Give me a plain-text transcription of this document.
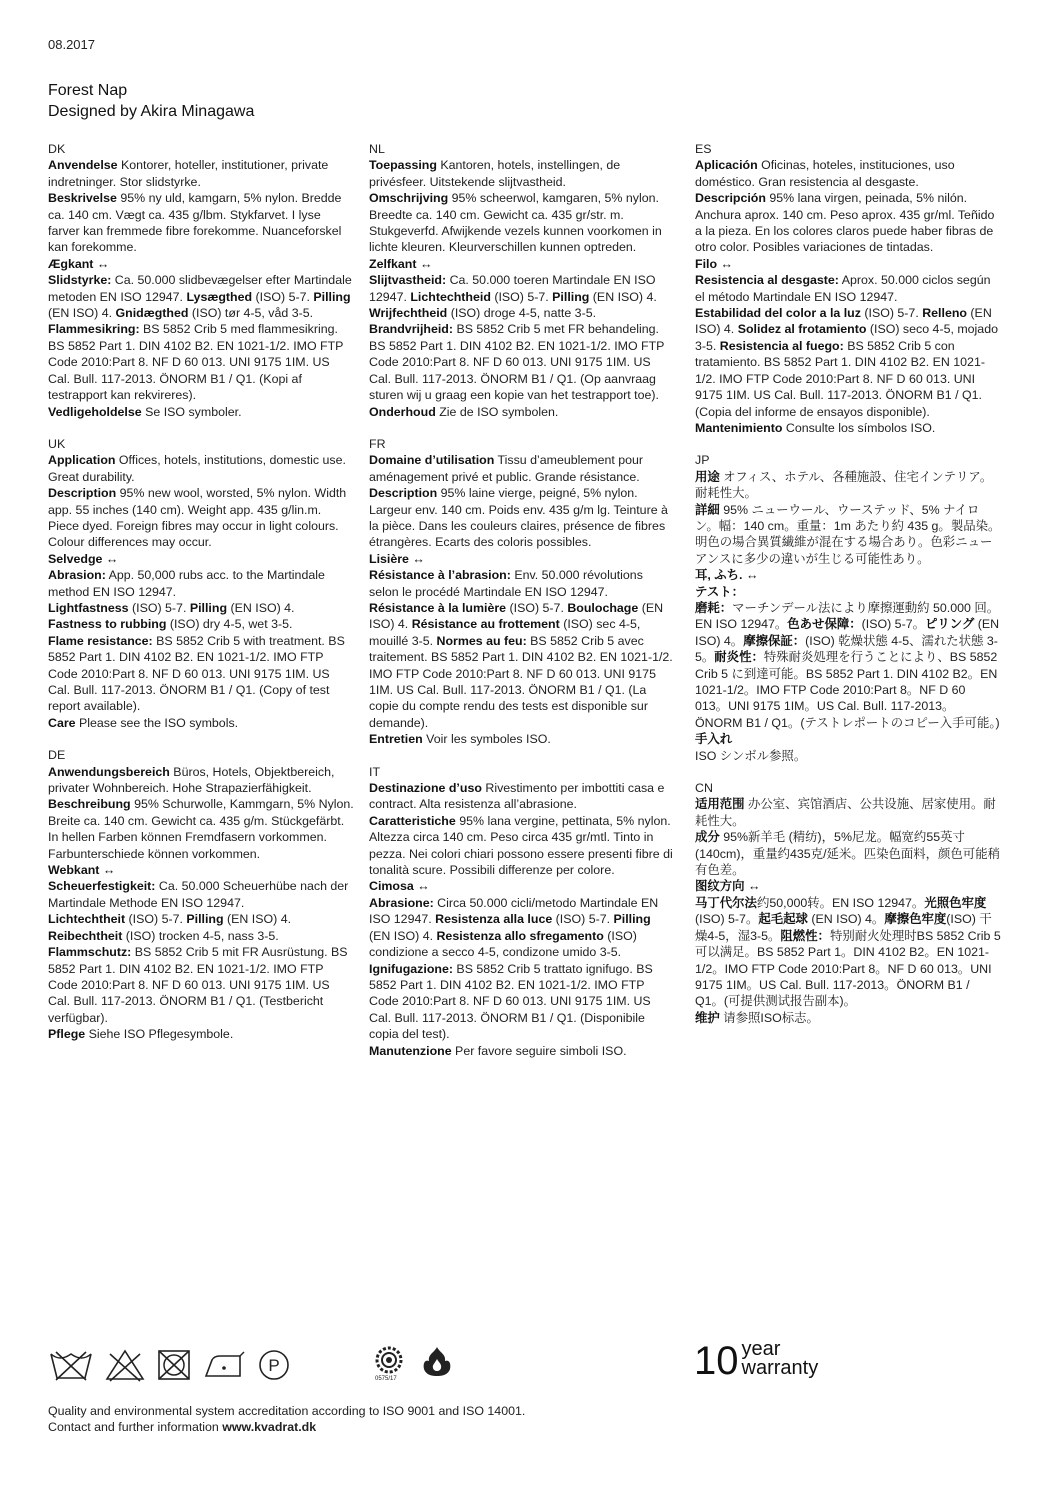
08.2017
Forest Nap
Designed by Akira Minagawa
DK
Anvendelse Kontorer, hoteller, institutioner, private indretninger. Stor slidstyrke.
Beskrivelse 95% ny uld, kamgarn, 5% nylon. Bredde ca. 140 cm. Vægt ca. 435 g/lbm. Stykfarvet. I lyse farver kan fremmede fibre forekomme. Nuanceforskel kan forekomme.
Ægkant ↔
Slidstyrke: Ca. 50.000 slidbevægelser efter Martindale metoden EN ISO 12947. Lysægthed (ISO) 5-7. Pilling (EN ISO) 4. Gnidægthed (ISO) tør 4-5, våd 3-5. Flammesikring: BS 5852 Crib 5 med flammesikring. BS 5852 Part 1. DIN 4102 B2. EN 1021-1/2. IMO FTP Code 2010:Part 8. NF D 60 013. UNI 9175 1IM. US Cal. Bull. 117-2013. ÖNORM B1 / Q1. (Kopi af testrapport kan rekvireres).
Vedligeholdelse Se ISO symboler.
UK
Application Offices, hotels, institutions, domestic use. Great durability.
Description 95% new wool, worsted, 5% nylon. Width app. 55 inches (140 cm). Weight app. 435 g/lin.m. Piece dyed. Foreign fibres may occur in light colours. Colour differences may occur.
Selvedge ↔
Abrasion: App. 50,000 rubs acc. to the Martindale method EN ISO 12947.
Lightfastness (ISO) 5-7. Pilling (EN ISO) 4.
Fastness to rubbing (ISO) dry 4-5, wet 3-5.
Flame resistance: BS 5852 Crib 5 with treatment. BS 5852 Part 1. DIN 4102 B2. EN 1021-1/2. IMO FTP Code 2010:Part 8. NF D 60 013. UNI 9175 1IM. US Cal. Bull. 117-2013. ÖNORM B1 / Q1. (Copy of test report available).
Care Please see the ISO symbols.
DE
Anwendungsbereich Büros, Hotels, Objektbereich, privater Wohnbereich. Hohe Strapazierfähigkeit.
Beschreibung 95% Schurwolle, Kammgarn, 5% Nylon. Breite ca. 140 cm. Gewicht ca. 435 g/m. Stückgefärbt. In hellen Farben können Fremdfasern vorkommen. Farbunterschiede können vorkommen.
Webkant ↔
Scheuerfestigkeit: Ca. 50.000 Scheuerhübe nach der Martindale Methode EN ISO 12947.
Lichtechtheit (ISO) 5-7. Pilling (EN ISO) 4.
Reibechtheit (ISO) trocken 4-5, nass 3-5.
Flammschutz: BS 5852 Crib 5 mit FR Ausrüstung. BS 5852 Part 1. DIN 4102 B2. EN 1021-1/2. IMO FTP Code 2010:Part 8. NF D 60 013. UNI 9175 1IM. US Cal. Bull. 117-2013. ÖNORM B1 / Q1. (Testbericht verfügbar).
Pflege Siehe ISO Pflegesymbole.
NL
Toepassing Kantoren, hotels, instellingen, de privésfeer. Uitstekende slijtvastheid.
Omschrijving 95% scheerwol, kamgaren, 5% nylon. Breedte ca. 140 cm. Gewicht ca. 435 gr/str. m. Stukgeverfd. Afwijkende vezels kunnen voorkomen in lichte kleuren. Kleurverschillen kunnen optreden.
Zelfkant ↔
Slijtvastheid: Ca. 50.000 toeren Martindale EN ISO 12947. Lichtechtheid (ISO) 5-7. Pilling (EN ISO) 4. Wrijfechtheid (ISO) droge 4-5, natte 3-5. Brandvrijheid: BS 5852 Crib 5 met FR behandeling. BS 5852 Part 1. DIN 4102 B2. EN 1021-1/2. IMO FTP Code 2010:Part 8. NF D 60 013. UNI 9175 1IM. US Cal. Bull. 117-2013. ÖNORM B1 / Q1. (Op aanvraag sturen wij u graag een kopie van het testrapport toe).
Onderhoud Zie de ISO symbolen.
FR
Domaine d’utilisation Tissu d’ameublement pour aménagement privé et public. Grande résistance.
Description 95% laine vierge, peigné, 5% nylon. Largeur env. 140 cm. Poids env. 435 g/m lg. Teinture à la pièce. Dans les couleurs claires, présence de fibres étrangères. Ecarts des coloris possibles.
Lisière ↔
Résistance à l’abrasion: Env. 50.000 révolutions selon le procédé Martindale EN ISO 12947. Résistance à la lumière (ISO) 5-7. Boulochage (EN ISO) 4. Résistance au frottement (ISO) sec 4-5, mouillé 3-5. Normes au feu: BS 5852 Crib 5 avec traitement. BS 5852 Part 1. DIN 4102 B2. EN 1021-1/2. IMO FTP Code 2010:Part 8. NF D 60 013. UNI 9175 1IM. US Cal. Bull. 117-2013. ÖNORM B1 / Q1. (La copie du compte rendu des tests est disponible sur demande).
Entretien Voir les symboles ISO.
IT
Destinazione d’uso Rivestimento per imbottiti casa e contract. Alta resistenza all’abrasione.
Caratteristiche 95% lana vergine, pettinata, 5% nylon. Altezza circa 140 cm. Peso circa 435 gr/mtl. Tinto in pezza. Nei colori chiari possono essere presenti fibre di tonalità scure. Possibili differenze per colore.
Cimosa ↔
Abrasione: Circa 50.000 cicli/metodo Martindale EN ISO 12947. Resistenza alla luce (ISO) 5-7. Pilling (EN ISO) 4. Resistenza allo sfregamento (ISO) condizione a secco 4-5, condizone umido 3-5. Ignifugazione: BS 5852 Crib 5 trattato ignifugo. BS 5852 Part 1. DIN 4102 B2. EN 1021-1/2. IMO FTP Code 2010:Part 8. NF D 60 013. UNI 9175 1IM. US Cal. Bull. 117-2013. ÖNORM B1 / Q1. (Disponibile copia del test).
Manutenzione Per favore seguire simboli ISO.
ES
Aplicación Oficinas, hoteles, instituciones, uso doméstico. Gran resistencia al desgaste.
Descripción 95% lana virgen, peinada, 5% nilón. Anchura aprox. 140 cm. Peso aprox. 435 gr/ml. Teñido a la pieza. En los colores claros puede haber fibras de otro color. Posibles variaciones de tintadas.
Filo ↔
Resistencia al desgaste: Aprox. 50.000 ciclos según el método Martindale EN ISO 12947.
Estabilidad del color a la luz (ISO) 5-7. Relleno (EN ISO) 4. Solidez al frotamiento (ISO) seco 4-5, mojado 3-5. Resistencia al fuego: BS 5852 Crib 5 con tratamiento. BS 5852 Part 1. DIN 4102 B2. EN 1021-1/2. IMO FTP Code 2010:Part 8. NF D 60 013. UNI 9175 1IM. US Cal. Bull. 117-2013. ÖNORM B1 / Q1. (Copia del informe de ensayos disponible).
Mantenimiento Consulte los símbolos ISO.
JP
用途 オフィス、ホテル、各種施設、住宅インテリア。耐耗性大。
詳細 95% ニューウール、ウーステッド、5% ナイロン。幅：140 cm。重量：1m あたり約 435 g。製品染。明色の場合異質繊維が混在する場合あり。色彩ニューアンスに多少の違いが生じる可能性あり。
耳, ふち. ↔
テスト：
磨耗：マーチンデール法により摩擦運動約 50.000 回。EN ISO 12947。色あせ保障：(ISO) 5-7。ピリング (EN ISO) 4。摩擦保証：(ISO) 乾燥状態 4-5、濡れた状態 3-5。耐炎性：特殊耐炎処理を行うことにより、BS 5852 Crib 5 に到達可能。BS 5852 Part 1. DIN 4102 B2。EN 1021-1/2。IMO FTP Code 2010:Part 8。NF D 60 013。UNI 9175 1IM。US Cal. Bull. 117-2013。ÖNORM B1 / Q1。(テストレポートのコピー入手可能。)
手入れ
ISO シンボル参照。
CN
适用范围 办公室、宾馆酒店、公共设施、居家使用。耐耗性大。
成分 95%新羊毛 (精纺)，5%尼龙。幅宽约55英寸 (140cm)，重量约435克/延米。匹染色面料，颜色可能稍有色差。
图纹方向 ↔
马丁代尔法约50,000转。EN ISO 12947。光照色牢度 (ISO) 5-7。起毛起球 (EN ISO) 4。摩擦色牢度(ISO) 干燥4-5，湿3-5。阻燃性：特别耐火处理时BS 5852 Crib 5 可以满足。BS 5852 Part 1。DIN 4102 B2。EN 1021-1/2。IMO FTP Code 2010:Part 8。NF D 60 013。UNI 9175 1IM。US Cal. Bull. 117-2013。ÖNORM B1 / Q1。(可提供测试报告副本)。
维护 请参照ISO标志。
P
0575/17	10 year
warranty
Quality and environmental system accreditation according to ISO 9001 and ISO 14001.
Contact and further information www.kvadrat.dk
